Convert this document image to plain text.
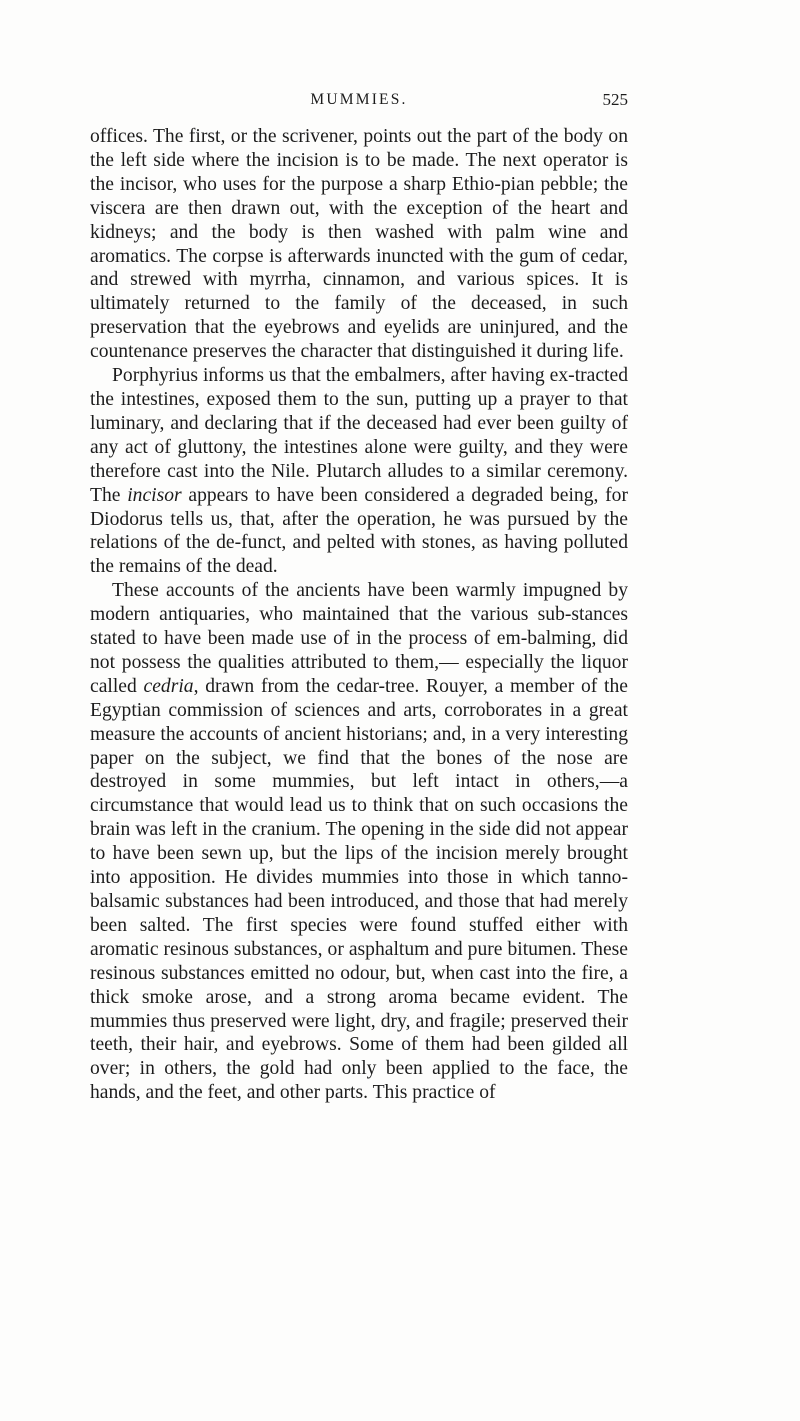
MUMMIES.	525

offices. The first, or the scrivener, points out the part of the body on the left side where the incision is to be made. The next operator is the incisor, who uses for the purpose a sharp Ethio-pian pebble; the viscera are then drawn out, with the exception of the heart and kidneys; and the body is then washed with palm wine and aromatics. The corpse is afterwards inuncted with the gum of cedar, and strewed with myrrha, cinnamon, and various spices. It is ultimately returned to the family of the deceased, in such preservation that the eyebrows and eyelids are uninjured, and the countenance preserves the character that distinguished it during life.

Porphyrius informs us that the embalmers, after having ex-tracted the intestines, exposed them to the sun, putting up a prayer to that luminary, and declaring that if the deceased had ever been guilty of any act of gluttony, the intestines alone were guilty, and they were therefore cast into the Nile. Plutarch alludes to a similar ceremony. The incisor appears to have been considered a degraded being, for Diodorus tells us, that, after the operation, he was pursued by the relations of the de-funct, and pelted with stones, as having polluted the remains of the dead.

These accounts of the ancients have been warmly impugned by modern antiquaries, who maintained that the various sub-stances stated to have been made use of in the process of em-balming, did not possess the qualities attributed to them,— especially the liquor called cedria, drawn from the cedar-tree. Rouyer, a member of the Egyptian commission of sciences and arts, corroborates in a great measure the accounts of ancient historians; and, in a very interesting paper on the subject, we find that the bones of the nose are destroyed in some mummies, but left intact in others,—a circumstance that would lead us to think that on such occasions the brain was left in the cranium. The opening in the side did not appear to have been sewn up, but the lips of the incision merely brought into apposition. He divides mummies into those in which tanno-balsamic substances had been introduced, and those that had merely been salted. The first species were found stuffed either with aromatic resinous substances, or asphaltum and pure bitumen. These resinous substances emitted no odour, but, when cast into the fire, a thick smoke arose, and a strong aroma became evident. The mummies thus preserved were light, dry, and fragile; preserved their teeth, their hair, and eyebrows. Some of them had been gilded all over; in others, the gold had only been applied to the face, the hands, and the feet, and other parts. This practice of
